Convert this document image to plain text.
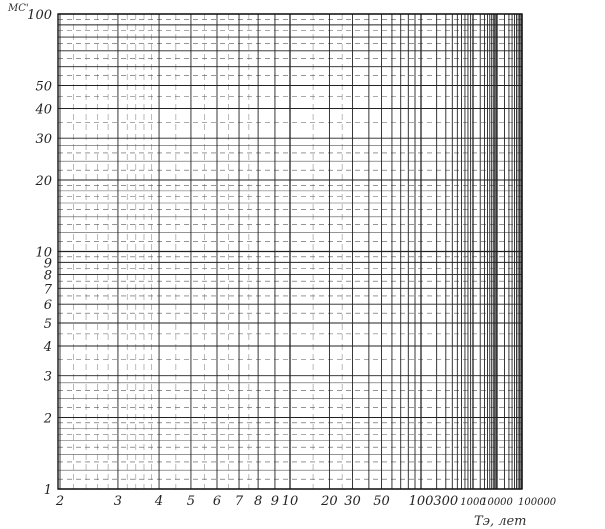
1
2
3
4
5
6
7
8
9
10
20
30
40
50
100
2	3	4 5 6 7 8 9 10 20 30 50 100 300 1000
10000 100000
МС'
Тэ, лет
